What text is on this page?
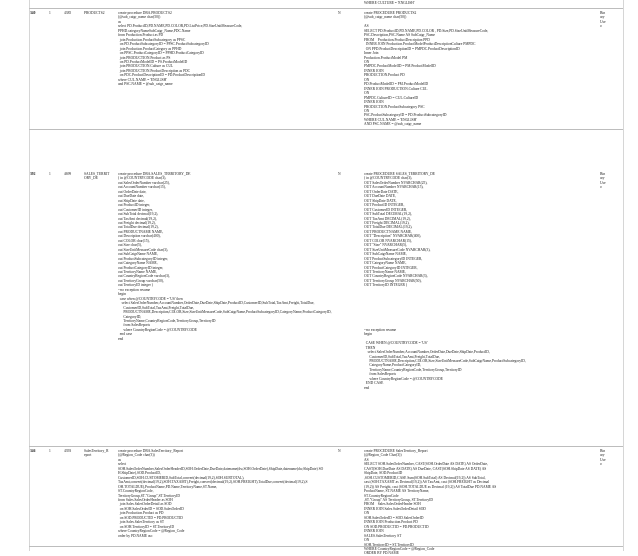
WHERE CULTURE = 'ENGLISH'
340	1	4385	PRODUCTS2	create procedure DBA.PRODUCTS2
(@sub_catgr_name char(50))
as
select PD.ProductID,PD.NAME,PD.COLOR,PD.ListPrice,PD.SizeUnitMeasureCode,
PPHD.categoryNameSubCatgr_Name,PDC.Name
from Production.Product as PD
join Production.ProductSubcategory as PPSC
on PD.ProductSubcategoryID = PPSC.ProductSubcategoryID
join Production.ProductCategory as PPHD
on PPSC.ProductCategoryID = PPHD.ProductCategoryID
join PRODUCTION.Product as PS
on PD.ProductModelID = PS.ProductModelID
join PRODUCTION.Culture as CUL
join PRODUCTION.ProductDescription as PDC
on PDC.ProductDescriptionID = PD.ProductDescriptionID
where CUL.NAME = 'ENGLISH'
and PSC.NAME = @sub_catgr_name
N	create PROCEDURE PRODUCTS2
(@sub_catgr_name char(50))

AS
SELECT PD.ProductID,PD.NAME,PD.COLOR , PD.Size,PD.SizeUnitMeasureCode,
PSC.Description,PSC.Name AS SubCatgr_Name
FROM    Production.ProductDescription PPD
INNER JOIN Production.ProductModelProductDescriptionCulture PMPDC
ON PPD.ProductDescriptionID = PMPDC.ProductDescriptionID
Inner Join
Production.ProductModel PM
ON
PMPDC.ProductModelID = PM.ProductModelID
INNER JOIN
PRODUCTION.Product PD
ON
PD.ProductModelID = PM.ProductModelID
INNER JOIN PRODUCTION.Culture CUL
ON
PMPDC.CultureID = CUL.CultureID
INNER JOIN
PRODUCTION.ProductSubcategory PSC
ON
PSC.ProductSubcategoryID = PD.ProductSubcategoryID
WHERE CUL.NAME = 'ENGLISH'
AND PSC.NAME = @sub_catgr_name
Bin
ary
Use
o
392	1	4699	SALES_TERRIT
ORY_DE
create procedure DBA.SALES_TERRITORY_DE
( in @COUNTRYCODE char(3),
out SalesOrderNumber varchar(25),
out AccountNumber varchar(15),
out OrderDate date,
out DueDate date,
out ShipDate date,
out ProductID integer,
out CustomerID integer,
out SubTotal decimal(19,2),
out TaxAmt decimal(19,2),
out Freight decimal(19,2),
out TotalDue decimal(19,2),
out PRODUCTNAME NAME,
out Description varchar(400),
out COLOR char(15),
out Size char(5),
out SizeUnitMeasureCode char(3),
out SubCatgrName NAME,
out ProductSubcategoryID integer,
out CategoryName NAME,
out ProductCategoryID integer,
out TerritoryName NAME,
out CountryRegionCode varchar(3),
out TerritoryGroup varchar(50),
out TerritoryID integer )
--no exception resume
begin
case when @COUNTRYCODE = 'US' then
select SalesOrderNumber,AccountNumber,OrderDate,DueDate,ShipDate,ProductID,CustomerID,SubTotal,TaxAmt,Freight,TotalDue,
CustomerID,SubTotal,TaxAmt,Freight,TotalDue,
PRODUCTNAME,Description,COLOR,Size,SizeUnitMeasureCode,SubCatgrName,ProductSubcategoryID,CategoryName,ProductCategoryID,
CategoryID,
TerritoryName,CountryRegionCode,TerritoryGroup,TerritoryID
from SalesReports
where CountryRegionCode = @COUNTRYCODE
end case
end
N	create PROCEDURE SALES_TERRITORY_DE
( in @COUNTRYCODE char(3),
OUT SalesOrderNumber NVARCHAR(25),
OUT AccountNumber NVARCHAR(15),
OUT OrderDate DATE,
OUT DueDate DATE,
OUT ShipDate DATE,
OUT ProductID INTEGER,
OUT CustomerID INTEGER,
OUT SubTotal DECIMAL(19,2),
OUT TaxAmt DECIMAL(19,2),
OUT Freight DECIMAL(19,2),
OUT TotalDue DECIMAL(19,2),
OUT PRODUCTNAME NAME,
OUT "Description" NVARCHAR(400),
OUT COLOR NVARCHAR(15),
OUT "Size" NVARCHAR(5),
OUT SizeUnitMeasureCode NVARCHAR(3),
OUT SubCatgrName NAME,
OUT ProductSubcategoryID INTEGER,
OUT CategoryName NAME,
OUT ProductCategoryID INTEGER,
OUT TerritoryName NAME,
OUT CountryRegionCode NVARCHAR(3),
OUT TerritoryGroup NVARCHAR(50),
OUT TerritoryID INTEGER )

--no exception resume
begin

CASE WHEN @COUNTRYCODE = 'US'
THEN
select SalesOrderNumber,AccountNumber,OrderDate,DueDate,ShipDate,ProductID,
CustomerID,SubTotal,TaxAmt,Freight,TotalDue,
PRODUCTNAME,Description,COLOR,Size,SizeUnitMeasureCode,SubCatgrName,ProductSubcategoryID,
CategoryName,ProductCategoryID,
TerritoryName,CountryRegionCode,TerritoryGroup,TerritoryID
from SalesReports
where CountryRegionCode = @COUNTRYCODE
END CASE
end
Bin
ary
Use
o
346	1	4393	SalesTerritory_R
eport
create procedure DBA.SalesTerritory_Report
(@Region_Code char(3))
as
select
SOH.SalesOrderNumber,SalesOrderHeaderID,SOH.OrderDate,DueDate,datename(dw,SOH.OrderDate),ShipDate,datename(dw,ShipDate) SO
H.ShipDate),SOD.ProductID,
CustomerID,SOH.CUSTOMERID,SubTotal,convert(decimal(19,2),SOH.SUBTOTAL),
TaxAmt,convert(decimal(19,2),SOH.TAXAMT),Freight,convert(decimal(19,2),SOH.FREIGHT),TotalDue,convert(decimal(19,2),S
OH.TOTALDUE),ProductName,PD.Name,TerritoryName,ST.Name,
ST.CountryRegionCode,
TerritoryGroup,ST."Group",ST.TerritoryID
from Sales.SalesOrderHeader as SOH
join Sales.SalesOrderDetail as SOD
on SOH.SalesOrderID = SOD.SalesOrderID
join Production.Product as PD
on SOD.PRODUCTID = PD.PRODUCTID
join Sales.SalesTerritory as ST
on SOH.TerritoryID = ST.TerritoryID
where CountryRegionCode = @Region_Code
order by PD.NAME asc
N	create PROCEDURE SalesTerritory_Report
(@Region_Code Char(3))
AS
SELECT SOH.SalesOrderNumber, CAST(SOH.OrderDate AS DATE) AS OrderDate,
CAST(SOH.DueDate AS DATE) AS DueDate, CAST(SOH.ShipDate AS DATE) AS
ShipDate, SOD.ProductID
,SOH.CUSTOMERID,CASE Sum(SOH.SubTotal) AS Decimal(19,2)) AS SubTotal,
cast (SOH.TAXAMT as Decimal(19,2)) AS TaxAmt, cast (SOH.FREIGHT as Decimal
(19,2)) AS Freight, cast (SOH.TOTALDUE as Decimal (19,2)) AS TotalDue PD.NAME AS
ProductName, ST.NAME AS TerritoryName,
ST.CountryRegionCode
,ST."Group" AS TerritoryGroup, ST.TerritoryID
FROM    Sales.SalesOrderHeader SOH
INNER JOIN Sales.SalesOrderDetail SOD
ON
SOH.SalesOrderID = SOD.SalesOrderID
INNER JOIN Production.Product PD
ON SOD.PRODUCTID = PD.PRODUCTID
INNER JOIN
SALES.SalesTerritory ST
ON
SOH.TerritoryID = ST.TerritoryID
WHERE CountryRegionCode = @Region_Code
ORDER BY PD.NAME
Bin
ary
Use
o
